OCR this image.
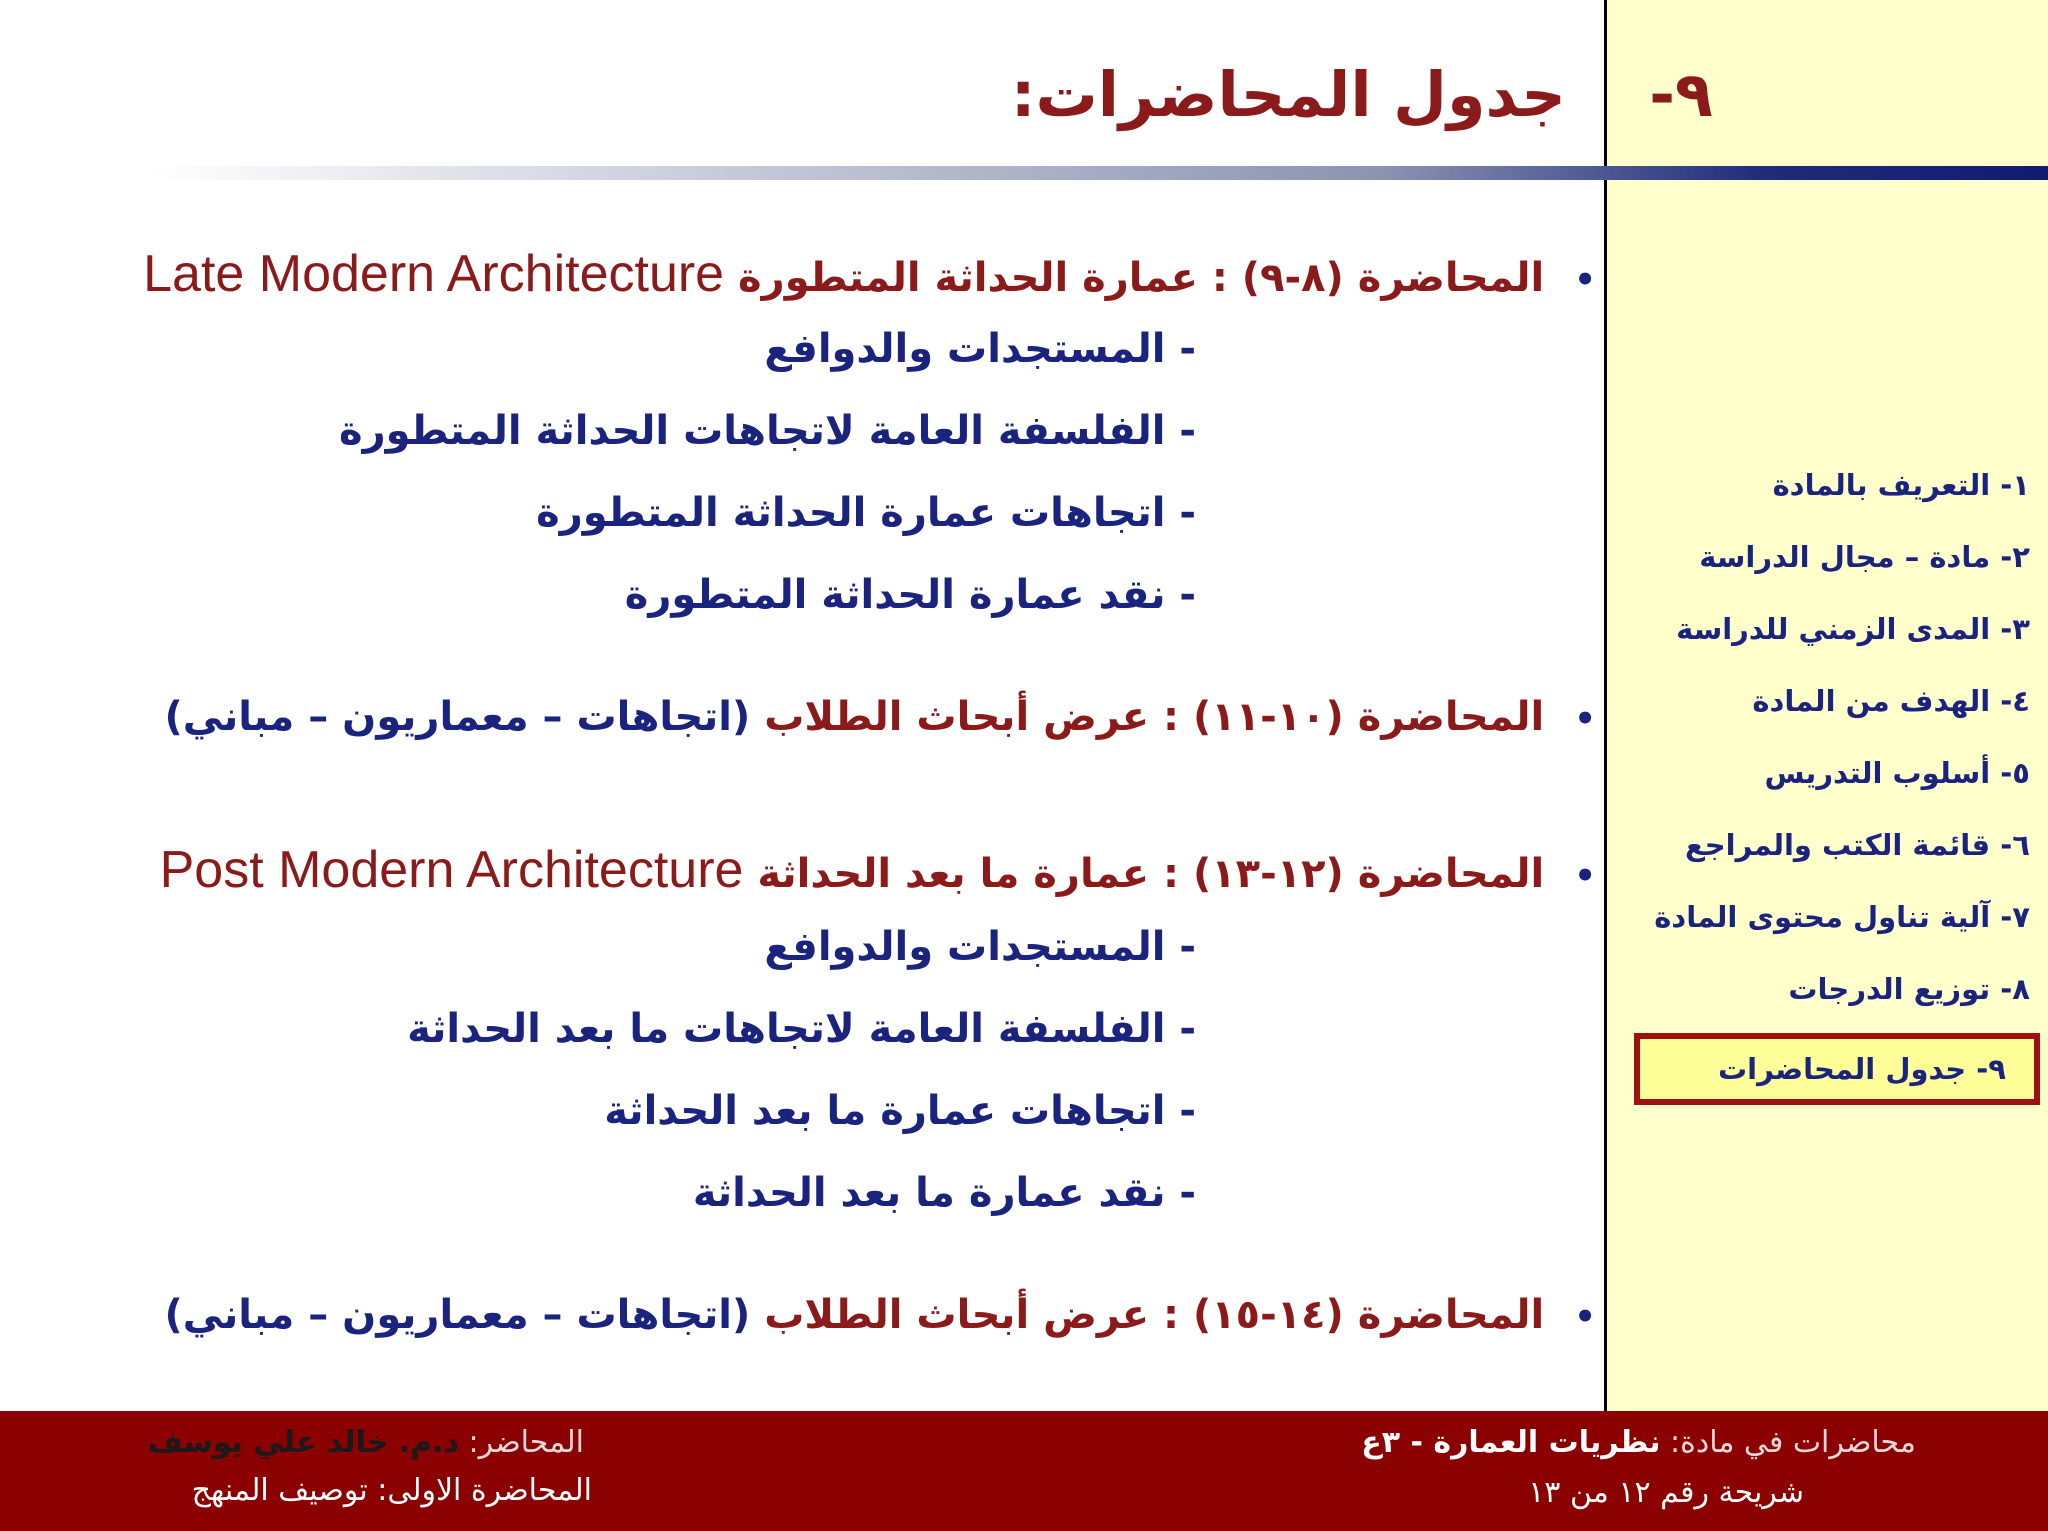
جدول المحاضرات: ٩-
•المحاضرة (٨-٩) : عمارة الحداثة المتطورة Late Modern Architecture
- المستجدات والدوافع
- الفلسفة العامة لاتجاهات الحداثة المتطورة
- اتجاهات عمارة الحداثة المتطورة
- نقد عمارة الحداثة المتطورة
•المحاضرة (١٠-١١) : عرض أبحاث الطلاب (اتجاهات – معماريون – مباني)
•المحاضرة (١٢-١٣) : عمارة ما بعد الحداثة Post Modern Architecture
- المستجدات والدوافع
- الفلسفة العامة لاتجاهات ما بعد الحداثة
- اتجاهات عمارة ما بعد الحداثة
- نقد عمارة ما بعد الحداثة
•المحاضرة (١٤-١٥) : عرض أبحاث الطلاب (اتجاهات – معماريون – مباني)
١- التعريف بالمادة
٢- مادة – مجال الدراسة
٣- المدى الزمني للدراسة
٤- الهدف من المادة
٥- أسلوب التدريس
٦- قائمة الكتب والمراجع
٧- آلية تناول محتوى المادة
٨- توزيع الدرجات
٩- جدول المحاضرات
محاضرات في مادة: نظريات العمارة - ٣ع
شريحة رقم ١٢ من ١٣
المحاضر: د.م. خالد علي يوسف
المحاضرة الاولى: توصيف المنهج
